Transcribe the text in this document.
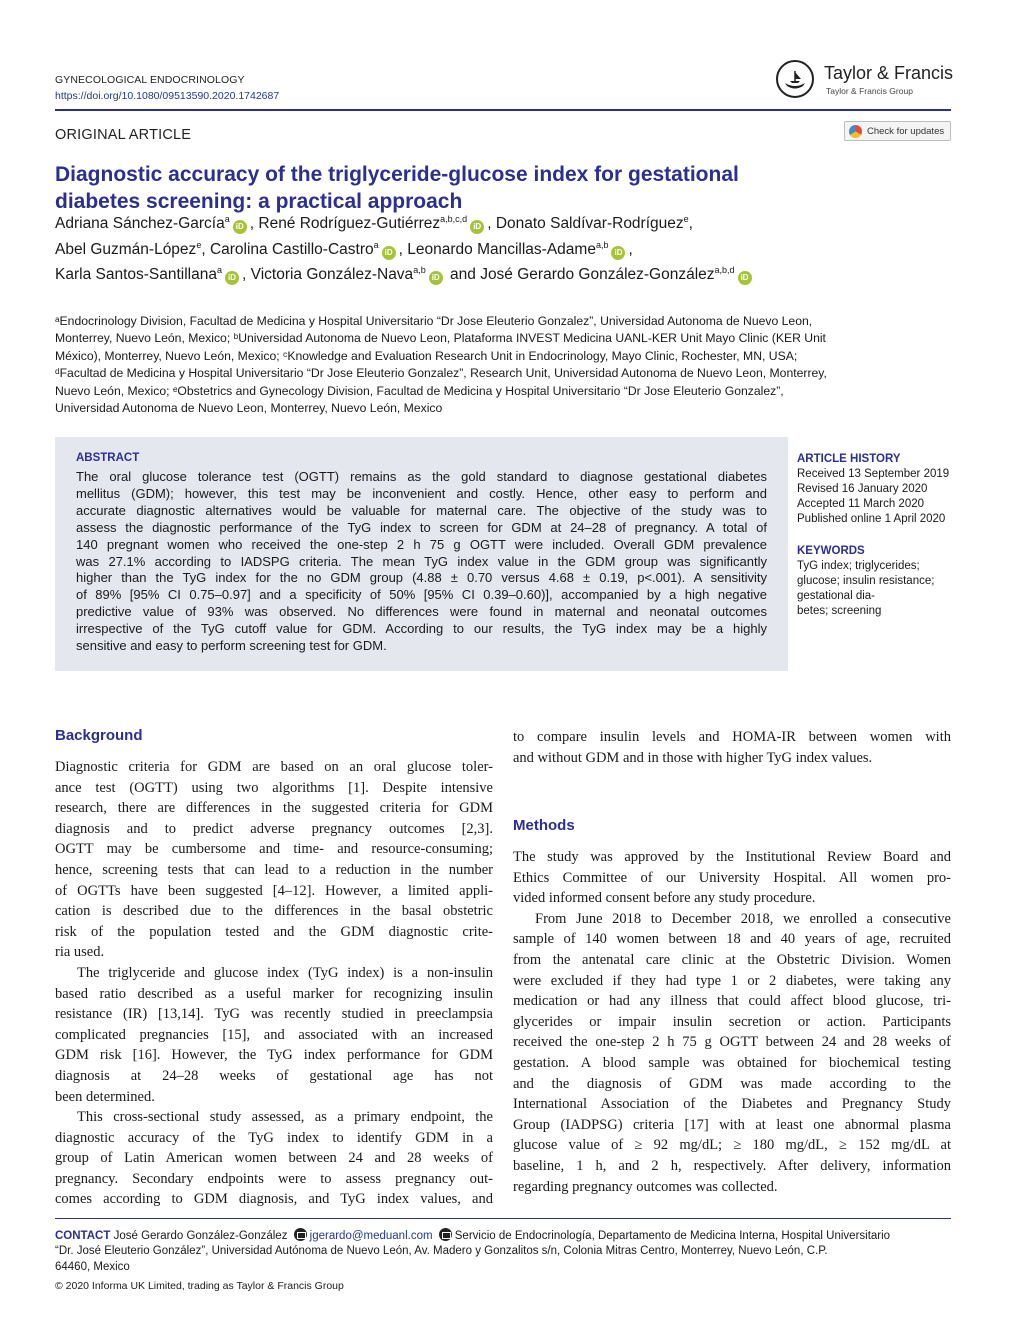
GYNECOLOGICAL ENDOCRINOLOGY
https://doi.org/10.1080/09513590.2020.1742687
Taylor & Francis
Taylor & Francis Group
ORIGINAL ARTICLE	Check for updates
Diagnostic accuracy of the triglyceride-glucose index for gestational
diabetes screening: a practical approach
Adriana Sánchez-García$^a$iD , René Rodríguez-Gutiérrez$^{a,b,c,d}$iD , Donato Saldívar-Rodríguez$^e$,
Abel Guzmán-López$^e$, Carolina Castillo-Castro$^a$iD , Leonardo Mancillas-Adame$^{a,b}$iD ,
Karla Santos-Santillana$^a$iD , Victoria González-Nava$^{a,b}$iD and José Gerardo González-González$^{a,b,d}$iD
ᵃEndocrinology Division, Facultad de Medicina y Hospital Universitario “Dr Jose Eleuterio Gonzalez”, Universidad Autonoma de Nuevo Leon,
Monterrey, Nuevo León, Mexico; ᵇUniversidad Autonoma de Nuevo Leon, Plataforma INVEST Medicina UANL-KER Unit Mayo Clinic (KER Unit
México), Monterrey, Nuevo León, Mexico; ᶜKnowledge and Evaluation Research Unit in Endocrinology, Mayo Clinic, Rochester, MN, USA;
ᵈFacultad de Medicina y Hospital Universitario “Dr Jose Eleuterio Gonzalez”, Research Unit, Universidad Autonoma de Nuevo Leon, Monterrey,
Nuevo León, Mexico; ᵉObstetrics and Gynecology Division, Facultad de Medicina y Hospital Universitario “Dr Jose Eleuterio Gonzalez”,
Universidad Autonoma de Nuevo Leon, Monterrey, Nuevo León, Mexico
ABSTRACT
The oral glucose tolerance test (OGTT) remains as the gold standard to diagnose gestational diabetes
mellitus (GDM); however, this test may be inconvenient and costly. Hence, other easy to perform and
accurate diagnostic alternatives would be valuable for maternal care. The objective of the study was to
assess the diagnostic performance of the TyG index to screen for GDM at 24–28 of pregnancy. A total of
140 pregnant women who received the one-step 2 h 75 g OGTT were included. Overall GDM prevalence
was 27.1% according to IADSPG criteria. The mean TyG index value in the GDM group was significantly
higher than the TyG index for the no GDM group (4.88 ± 0.70 versus 4.68 ± 0.19, p<.001). A sensitivity
of 89% [95% CI 0.75–0.97] and a specificity of 50% [95% CI 0.39–0.60)], accompanied by a high negative
predictive value of 93% was observed. No differences were found in maternal and neonatal outcomes
irrespective of the TyG cutoff value for GDM. According to our results, the TyG index may be a highly
sensitive and easy to perform screening test for GDM.
ARTICLE HISTORY
Received 13 September 2019
Revised 16 January 2020
Accepted 11 March 2020
Published online 1 April 2020
KEYWORDS
TyG index; triglycerides;
glucose; insulin resistance;
gestational dia-
betes; screening
Background
Diagnostic criteria for GDM are based on an oral glucose toler-
ance test (OGTT) using two algorithms [1]. Despite intensive
research, there are differences in the suggested criteria for GDM
diagnosis and to predict adverse pregnancy outcomes [2,3].
OGTT may be cumbersome and time- and resource-consuming;
hence, screening tests that can lead to a reduction in the number
of OGTTs have been suggested [4–12]. However, a limited appli-
cation is described due to the differences in the basal obstetric
risk of the population tested and the GDM diagnostic crite-
ria used.
The triglyceride and glucose index (TyG index) is a non-insulin
based ratio described as a useful marker for recognizing insulin
resistance (IR) [13,14]. TyG was recently studied in preeclampsia
complicated pregnancies [15], and associated with an increased
GDM risk [16]. However, the TyG index performance for GDM
diagnosis at 24–28 weeks of gestational age has not
been determined.
This cross-sectional study assessed, as a primary endpoint, the
diagnostic accuracy of the TyG index to identify GDM in a
group of Latin American women between 24 and 28 weeks of
pregnancy. Secondary endpoints were to assess pregnancy out-
comes according to GDM diagnosis, and TyG index values, and
to compare insulin levels and HOMA-IR between women with
and without GDM and in those with higher TyG index values.
Methods
The study was approved by the Institutional Review Board and
Ethics Committee of our University Hospital. All women pro-
vided informed consent before any study procedure.
From June 2018 to December 2018, we enrolled a consecutive
sample of 140 women between 18 and 40 years of age, recruited
from the antenatal care clinic at the Obstetric Division. Women
were excluded if they had type 1 or 2 diabetes, were taking any
medication or had any illness that could affect blood glucose, tri-
glycerides or impair insulin secretion or action. Participants
received the one-step 2 h 75 g OGTT between 24 and 28 weeks of
gestation. A blood sample was obtained for biochemical testing
and the diagnosis of GDM was made according to the
International Association of the Diabetes and Pregnancy Study
Group (IADPSG) criteria [17] with at least one abnormal plasma
glucose value of ≥ 92 mg/dL; ≥ 180 mg/dL, ≥ 152 mg/dL at
baseline, 1 h, and 2 h, respectively. After delivery, information
regarding pregnancy outcomes was collected.
CONTACT José Gerardo González-González jgerardo@meduanl.com Servicio de Endocrinología, Departamento de Medicina Interna, Hospital Universitario
“Dr. José Eleuterio González”, Universidad Autónoma de Nuevo León, Av. Madero y Gonzalitos s/n, Colonia Mitras Centro, Monterrey, Nuevo León, C.P.
64460, Mexico
© 2020 Informa UK Limited, trading as Taylor & Francis Group
